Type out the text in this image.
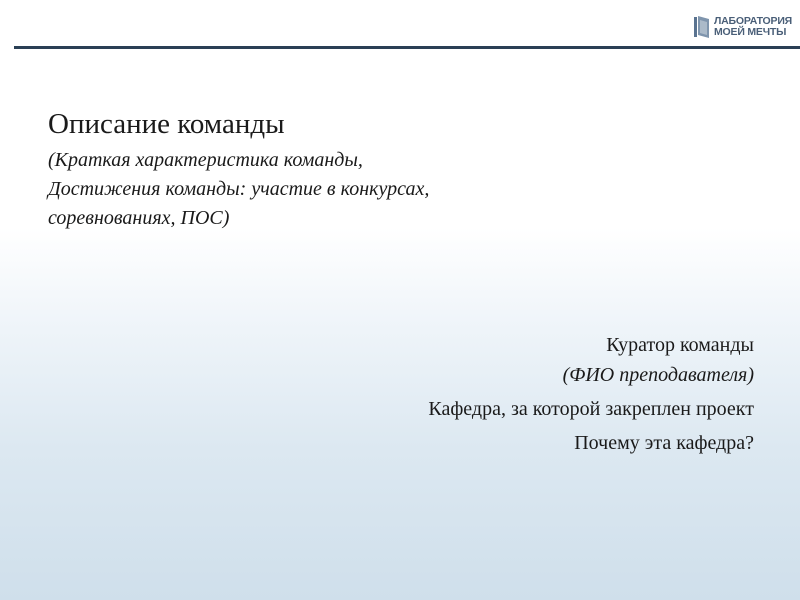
ЛАБОРАТОРИЯ
МОЕЙ МЕЧТЫ
Описание команды
(Краткая характеристика команды,
Достижения команды: участие в конкурсах,
соревнованиях, ПОС)
Куратор команды
(ФИО преподавателя)
Кафедра, за которой закреплен проект
Почему эта кафедра?
